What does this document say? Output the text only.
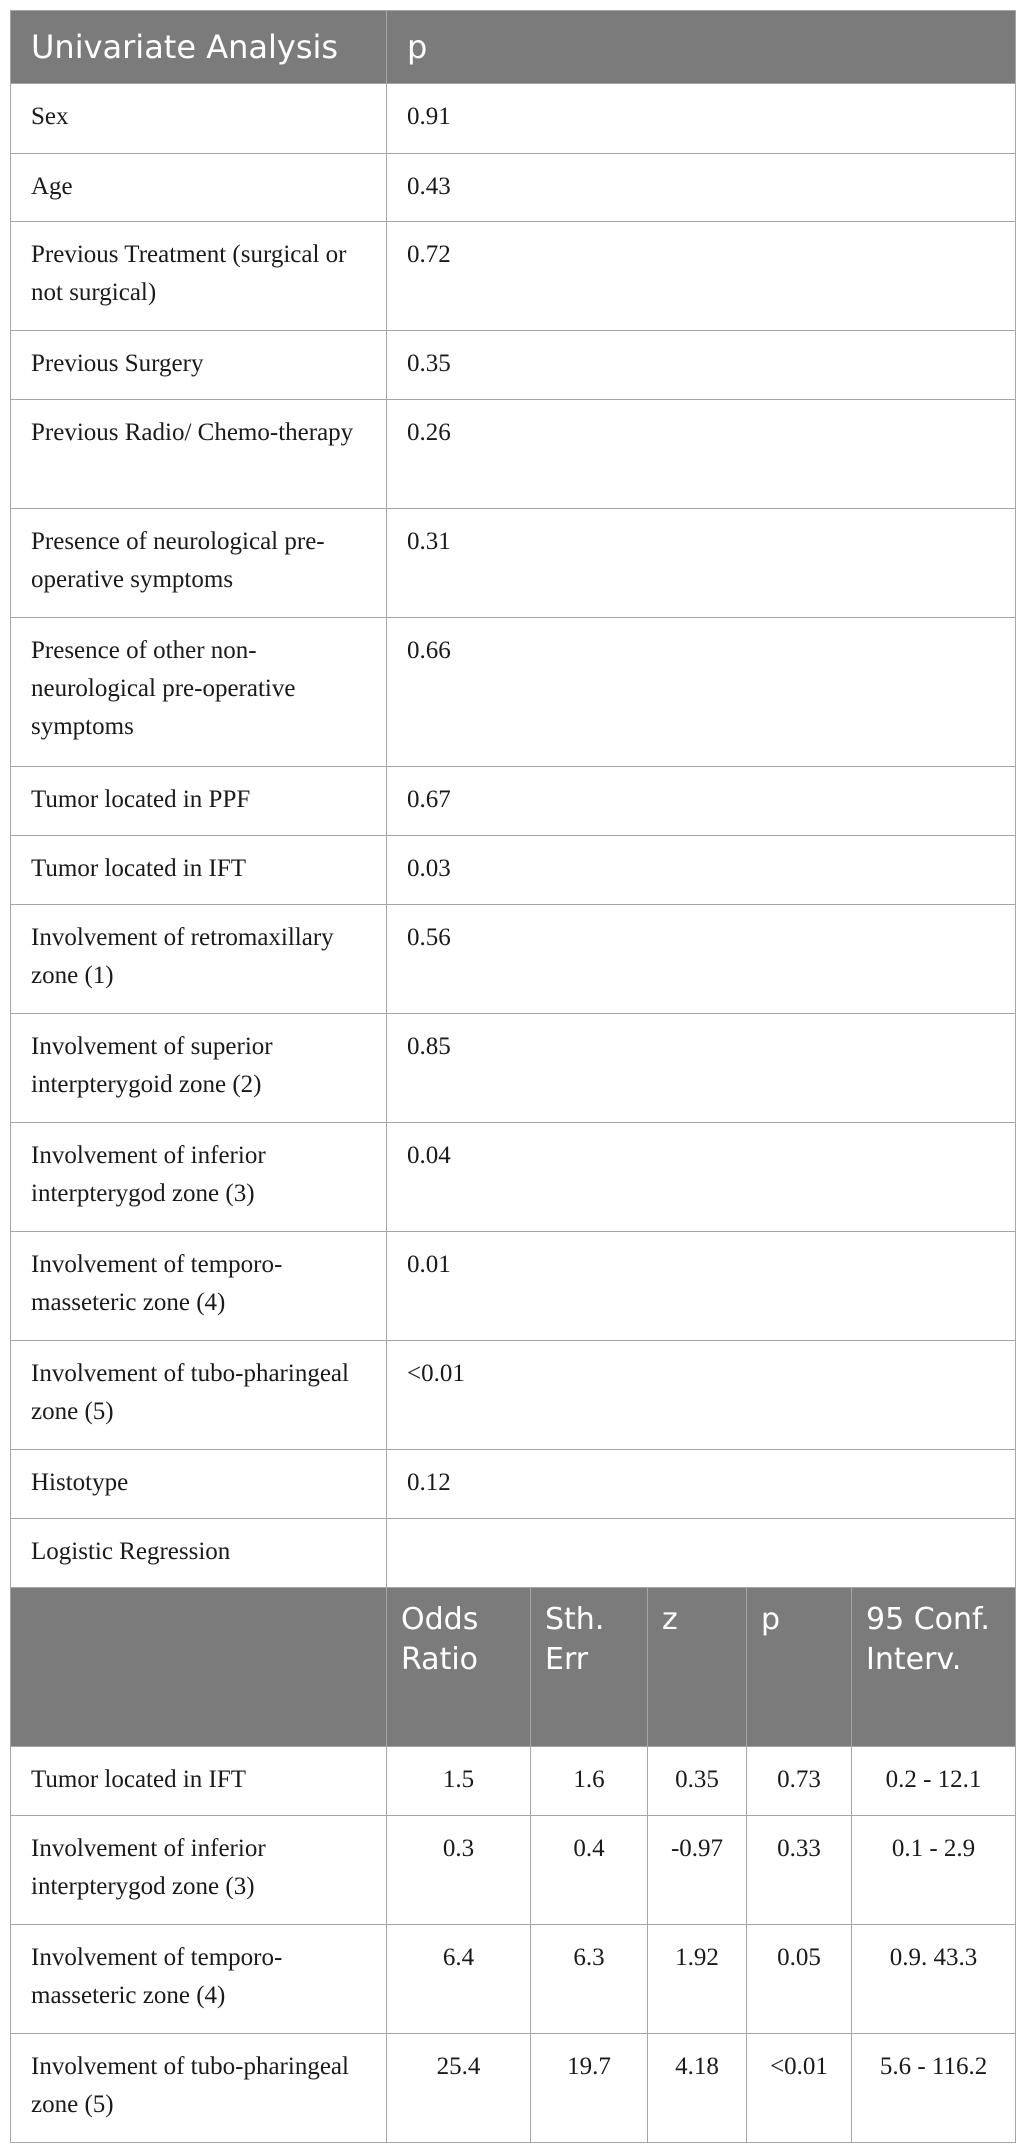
Univariate Analysis	p				
Sex	0.91				
Age	0.43				
Previous Treatment (surgical or not surgical)	0.72				
Previous Surgery	0.35				
Previous Radio/ Chemo-therapy	0.26				
Presence of neurological pre-operative symptoms	0.31				
Presence of other non-neurological pre-operative symptoms	0.66				
Tumor located in PPF	0.67				
Tumor located in IFT	0.03				
Involvement of retromaxillary zone (1)	0.56				
Involvement of superior interpterygoid zone (2)	0.85				
Involvement of inferior interpterygod zone (3)	0.04				
Involvement of temporo-masseteric zone (4)	0.01				
Involvement of tubo-pharingeal zone (5)	<0.01				
Histotype	0.12				
Logistic Regression					
	Odds Ratio	Sth. Err	z	p	95 Conf. Interv.
Tumor located in IFT	1.5	1.6	0.35	0.73	0.2 - 12.1
Involvement of inferior interpterygod zone (3)	0.3	0.4	-0.97	0.33	0.1 - 2.9
Involvement of temporo-masseteric zone (4)	6.4	6.3	1.92	0.05	0.9. 43.3
Involvement of tubo-pharingeal zone (5)	25.4	19.7	4.18	<0.01	5.6 - 116.2
